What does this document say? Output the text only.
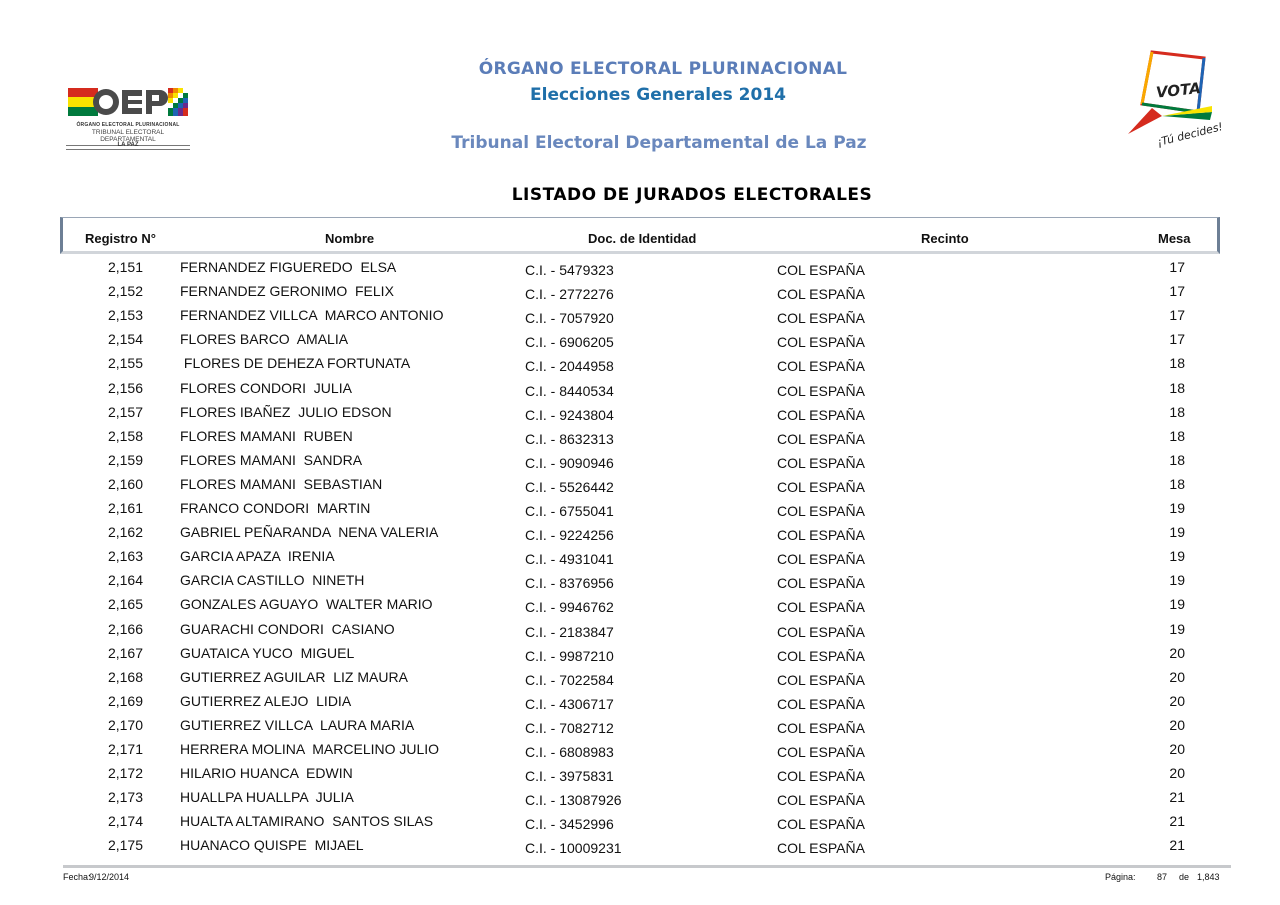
ÓRGANO ELECTORAL PLURINACIONAL
Elecciones Generales 2014
Tribunal Electoral Departamental de La Paz
LISTADO DE JURADOS ELECTORALES
ÓRGANO ELECTORAL PLURINACIONAL
TRIBUNAL ELECTORAL DEPARTAMENTAL
LA PAZ
VOTA
¡Tú decides!
Registro N°	Nombre	Doc. de Identidad	Recinto	Mesa
2,151	FERNANDEZ FIGUEREDO  ELSA	C.I. - 5479323	COL ESPAÑA	17
2,152	FERNANDEZ GERONIMO  FELIX	C.I. - 2772276	COL ESPAÑA	17
2,153	FERNANDEZ VILLCA  MARCO ANTONIO	C.I. - 7057920	COL ESPAÑA	17
2,154	FLORES BARCO  AMALIA	C.I. - 6906205	COL ESPAÑA	17
2,155	FLORES DE DEHEZA FORTUNATA	C.I. - 2044958	COL ESPAÑA	18
2,156	FLORES CONDORI  JULIA	C.I. - 8440534	COL ESPAÑA	18
2,157	FLORES IBAÑEZ  JULIO EDSON	C.I. - 9243804	COL ESPAÑA	18
2,158	FLORES MAMANI  RUBEN	C.I. - 8632313	COL ESPAÑA	18
2,159	FLORES MAMANI  SANDRA	C.I. - 9090946	COL ESPAÑA	18
2,160	FLORES MAMANI  SEBASTIAN	C.I. - 5526442	COL ESPAÑA	18
2,161	FRANCO CONDORI  MARTIN	C.I. - 6755041	COL ESPAÑA	19
2,162	GABRIEL PEÑARANDA  NENA VALERIA	C.I. - 9224256	COL ESPAÑA	19
2,163	GARCIA APAZA  IRENIA	C.I. - 4931041	COL ESPAÑA	19
2,164	GARCIA CASTILLO  NINETH	C.I. - 8376956	COL ESPAÑA	19
2,165	GONZALES AGUAYO  WALTER MARIO	C.I. - 9946762	COL ESPAÑA	19
2,166	GUARACHI CONDORI  CASIANO	C.I. - 2183847	COL ESPAÑA	19
2,167	GUATAICA YUCO  MIGUEL	C.I. - 9987210	COL ESPAÑA	20
2,168	GUTIERREZ AGUILAR  LIZ MAURA	C.I. - 7022584	COL ESPAÑA	20
2,169	GUTIERREZ ALEJO  LIDIA	C.I. - 4306717	COL ESPAÑA	20
2,170	GUTIERREZ VILLCA  LAURA MARIA	C.I. - 7082712	COL ESPAÑA	20
2,171	HERRERA MOLINA  MARCELINO JULIO	C.I. - 6808983	COL ESPAÑA	20
2,172	HILARIO HUANCA  EDWIN	C.I. - 3975831	COL ESPAÑA	20
2,173	HUALLPA HUALLPA  JULIA	C.I. - 13087926	COL ESPAÑA	21
2,174	HUALTA ALTAMIRANO  SANTOS SILAS	C.I. - 3452996	COL ESPAÑA	21
2,175	HUANACO QUISPE  MIJAEL	C.I. - 10009231	COL ESPAÑA	21
Fecha:
9/12/2014	Página: 87 de 1,843
